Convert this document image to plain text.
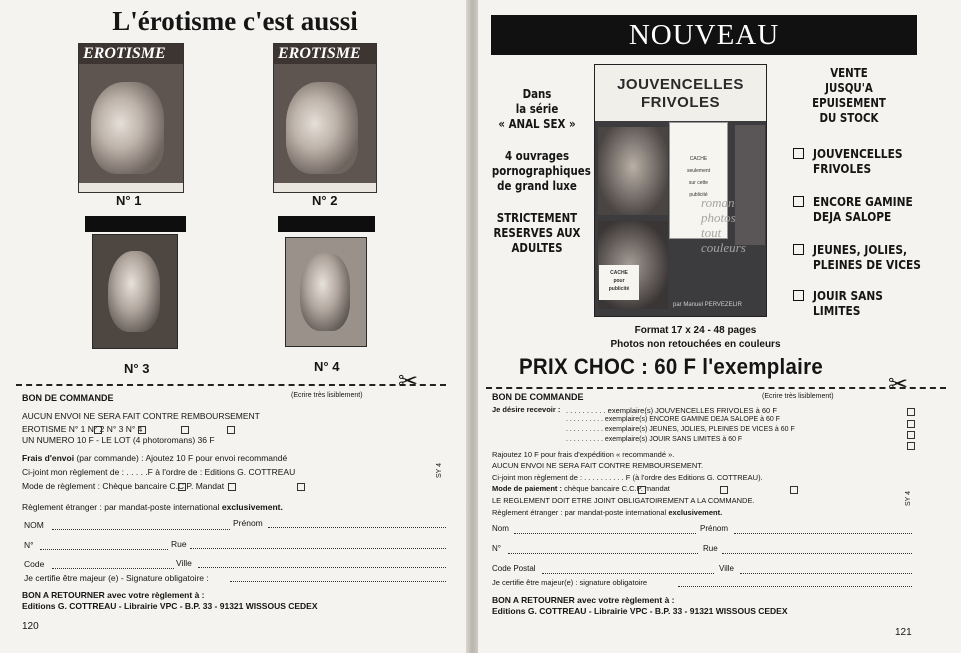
L'érotisme c'est aussi
EROTISME
N° 1
EROTISME
N° 2
N° 3	N° 4
✂
BON DE COMMANDE	(Ecrire très lisiblement)
AUCUN ENVOI NE SERA FAIT CONTRE REMBOURSEMENT
EROTISME N° 1 N° 2 N° 3 N° 4
UN NUMERO 10 F - LE LOT (4 photoromans) 36 F
Frais d'envoi (par commande) : Ajoutez 10 F pour envoi recommandé
Ci-joint mon règlement de : . . . . .F à l'ordre de : Editions G. COTTREAU
Mode de règlement : Chèque bancaire C.C.P. Mandat
Règlement étranger : par mandat-poste international exclusivement.
NOM	Prénom
N°	Rue
Code	Ville
Je certifie être majeur (e) - Signature obligatoire :
BON A RETOURNER avec votre règlement à :
Editions G. COTTREAU - Librairie VPC - B.P. 33 - 91321 WISSOUS CEDEX
SY 4
120
NOUVEAU
JOUVENCELLES
FRIVOLES
CACHE
seulement
sur cette
publicité
CACHE
pour
publicité
roman
photos
tout
couleurs
par Manuel PERVEZELIR
Dans
la série
« ANAL SEX »
4 ouvrages
pornographiques
de grand luxe
STRICTEMENT
RESERVES AUX
ADULTES
VENTE
JUSQU'A
EPUISEMENT
DU STOCK
JOUVENCELLES FRIVOLES
ENCORE GAMINE DEJA SALOPE
JEUNES, JOLIES, PLEINES DE VICES
JOUIR SANS LIMITES
Format 17 x 24 - 48 pages
Photos non retouchées en couleurs
PRIX CHOC : 60 F l'exemplaire
✂
BON DE COMMANDE	(Ecrire très lisiblement)
Je désire recevoir : . . . . . . . . . . exemplaire(s) JOUVENCELLES FRIVOLES à 60 F
. . . . . . . . . . exemplaire(s) ENCORE GAMINE DEJA SALOPE à 60 F
. . . . . . . . . . exemplaire(s) JEUNES, JOLIES, PLEINES DE VICES à 60 F
. . . . . . . . . . exemplaire(s) JOUIR SANS LIMITES à 60 F
Rajoutez 10 F pour frais d'expédition « recommandé ».
AUCUN ENVOI NE SERA FAIT CONTRE REMBOURSEMENT.
Ci-joint mon règlement de : . . . . . . . . . . F (à l'ordre des Editions G. COTTREAU).
Mode de paiement : chèque bancaire C.C.P. mandat
LE REGLEMENT DOIT ETRE JOINT OBLIGATOIREMENT A LA COMMANDE.
Règlement étranger : par mandat-poste international exclusivement.
Nom	Prénom
N°	Rue
Code Postal	Ville
Je certifie être majeur(e) : signature obligatoire
BON A RETOURNER avec votre règlement à :
Editions G. COTTREAU - Librairie VPC - B.P. 33 - 91321 WISSOUS CEDEX
SY 4
121
